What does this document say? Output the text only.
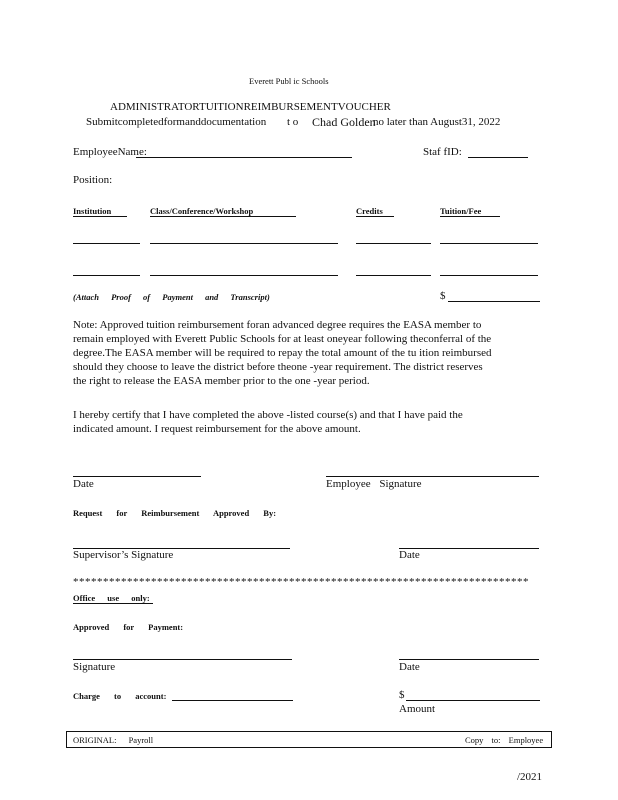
Everett Publ ic Schools
ADMINISTRATORTUITIONREIMBURSEMENTVOUCHER
Submitcompletedformanddocumentation t o Chad Golden
no later than August31, 2022
EmployeeName:	Staf fID:
Position:
Institution	Class/Conference/Workshop	Credits	Tuition/Fee
(Attach Proof of Payment and Transcript)	$
Note: Approved tuition reimbursement foran advanced degree requires the EASA member to
remain employed with Everett Public Schools for at least oneyear following theconferral of the
degree.The EASA member will be required to repay the total amount of the tu ition reimbursed
should they choose to leave the district before theone -year requirement. The district reserves
the right to release the EASA member prior to the one -year period.
I hereby certify that I have completed the above -listed course(s) and that I have paid the
indicated amount. I request reimbursement for the above amount.
Date	Employee Signature
Request for Reimbursement Approved By:
Supervisor’s Signature	Date
****************************************************************************
Office use only:
Approved for Payment:
Signature	Date
Charge to account:	$
Amount
ORIGINAL: Payroll	Copy to: Employee
/2021
